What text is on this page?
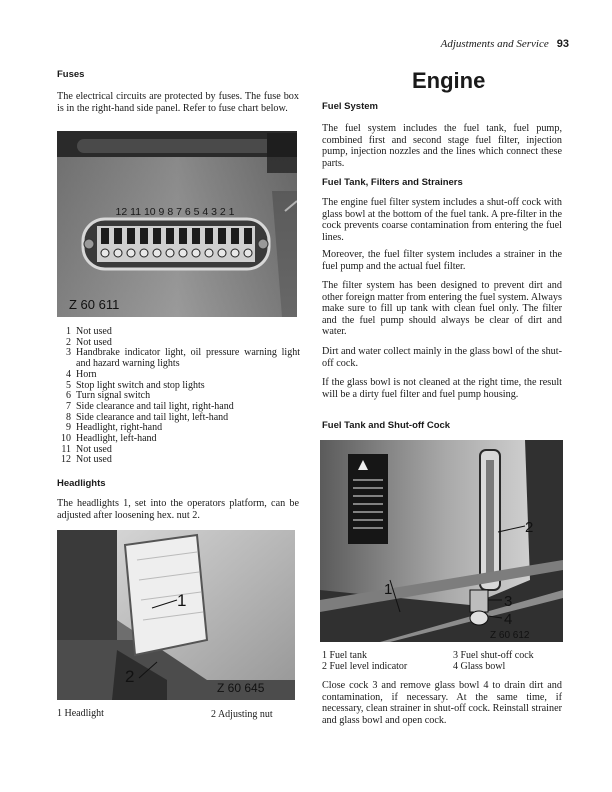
Adjustments and Service 93
Fuses
The electrical circuits are protected by fuses. The fuse box is in the right-hand side panel. Refer to fuse chart below.
12 11 10 9 8 7 6 5 4 3 2 1
Z 60 611
1 Not used
2 Not used
3 Handbrake indicator light, oil pressure warning light and hazard warning lights
4 Horn
5 Stop light switch and stop lights
6 Turn signal switch
7 Side clearance and tail light, right-hand
8 Side clearance and tail light, left-hand
9 Headlight, right-hand
10 Headlight, left-hand
11 Not used
12 Not used
Headlights
The headlights 1, set into the operators platform, can be adjusted after loosening hex. nut 2.
1
2
Z 60 645
1 Headlight	2 Adjusting nut
Engine
Fuel System
The fuel system includes the fuel tank, fuel pump, combined first and second stage fuel filter, injection pump, injection nozzles and the lines which connect these parts.
Fuel Tank, Filters and Strainers
The engine fuel filter system includes a shut-off cock with glass bowl at the bottom of the fuel tank. A pre-filter in the cock prevents coarse contamination from entering the fuel lines.
Moreover, the fuel filter system includes a strainer in the fuel pump and the actual fuel filter.
The filter system has been designed to prevent dirt and other foreign matter from entering the fuel system. Always make sure to fill up tank with clean fuel only. The filter and the fuel pump should always be clear of dirt and water.
Dirt and water collect mainly in the glass bowl of the shut-off cock.
If the glass bowl is not cleaned at the right time, the result will be a dirty fuel filter and fuel pump housing.
Fuel Tank and Shut-off Cock
1
2
3
4
Z 60 612
1 Fuel tank
2 Fuel level indicator
3 Fuel shut-off cock
4 Glass bowl
Close cock 3 and remove glass bowl 4 to drain dirt and contamination, if necessary. At the same time, if necessary, clean strainer in shut-off cock. Reinstall strainer and glass bowl and open cock.
